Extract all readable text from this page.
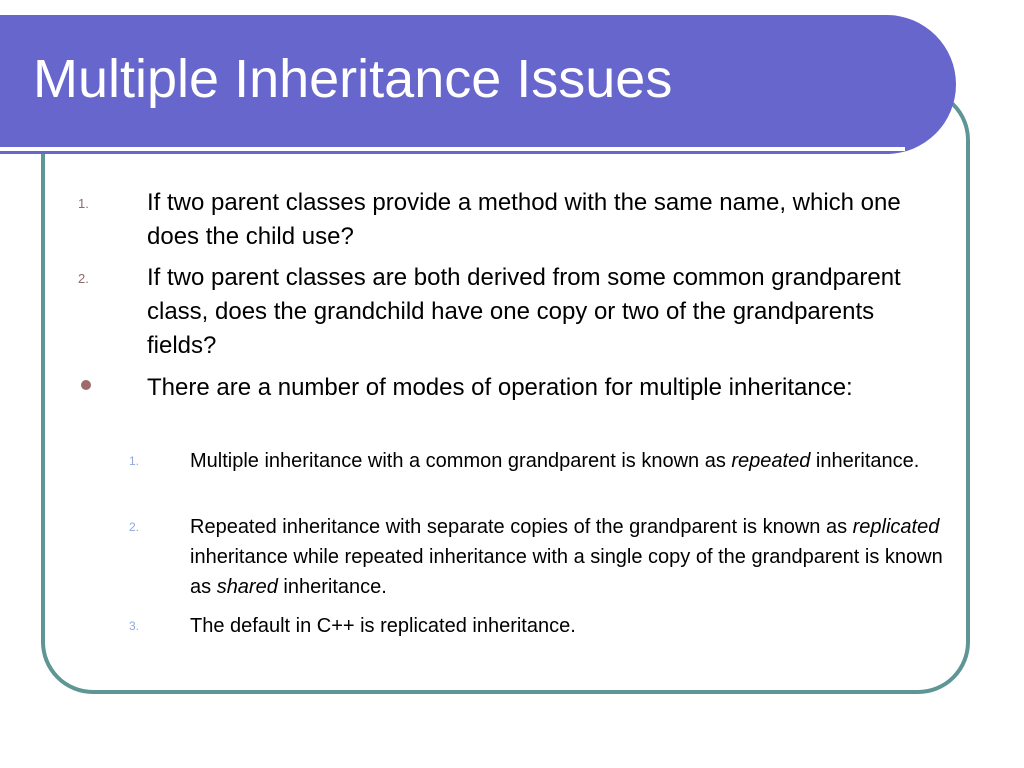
Multiple Inheritance Issues
1.	If two parent classes provide a method with the same name, which one does the child use?
2.	If two parent classes are both derived from some common grandparent class, does the grandchild have one copy or two of the grandparents fields?
There are a number of modes of operation for multiple inheritance:
1.	Multiple inheritance with a common grandparent is known as repeated inheritance.
2.	Repeated inheritance with separate copies of the grandparent is known as replicated inheritance while repeated inheritance with a single copy of the grandparent is known as shared inheritance.
3.	The default in C++ is replicated inheritance.
